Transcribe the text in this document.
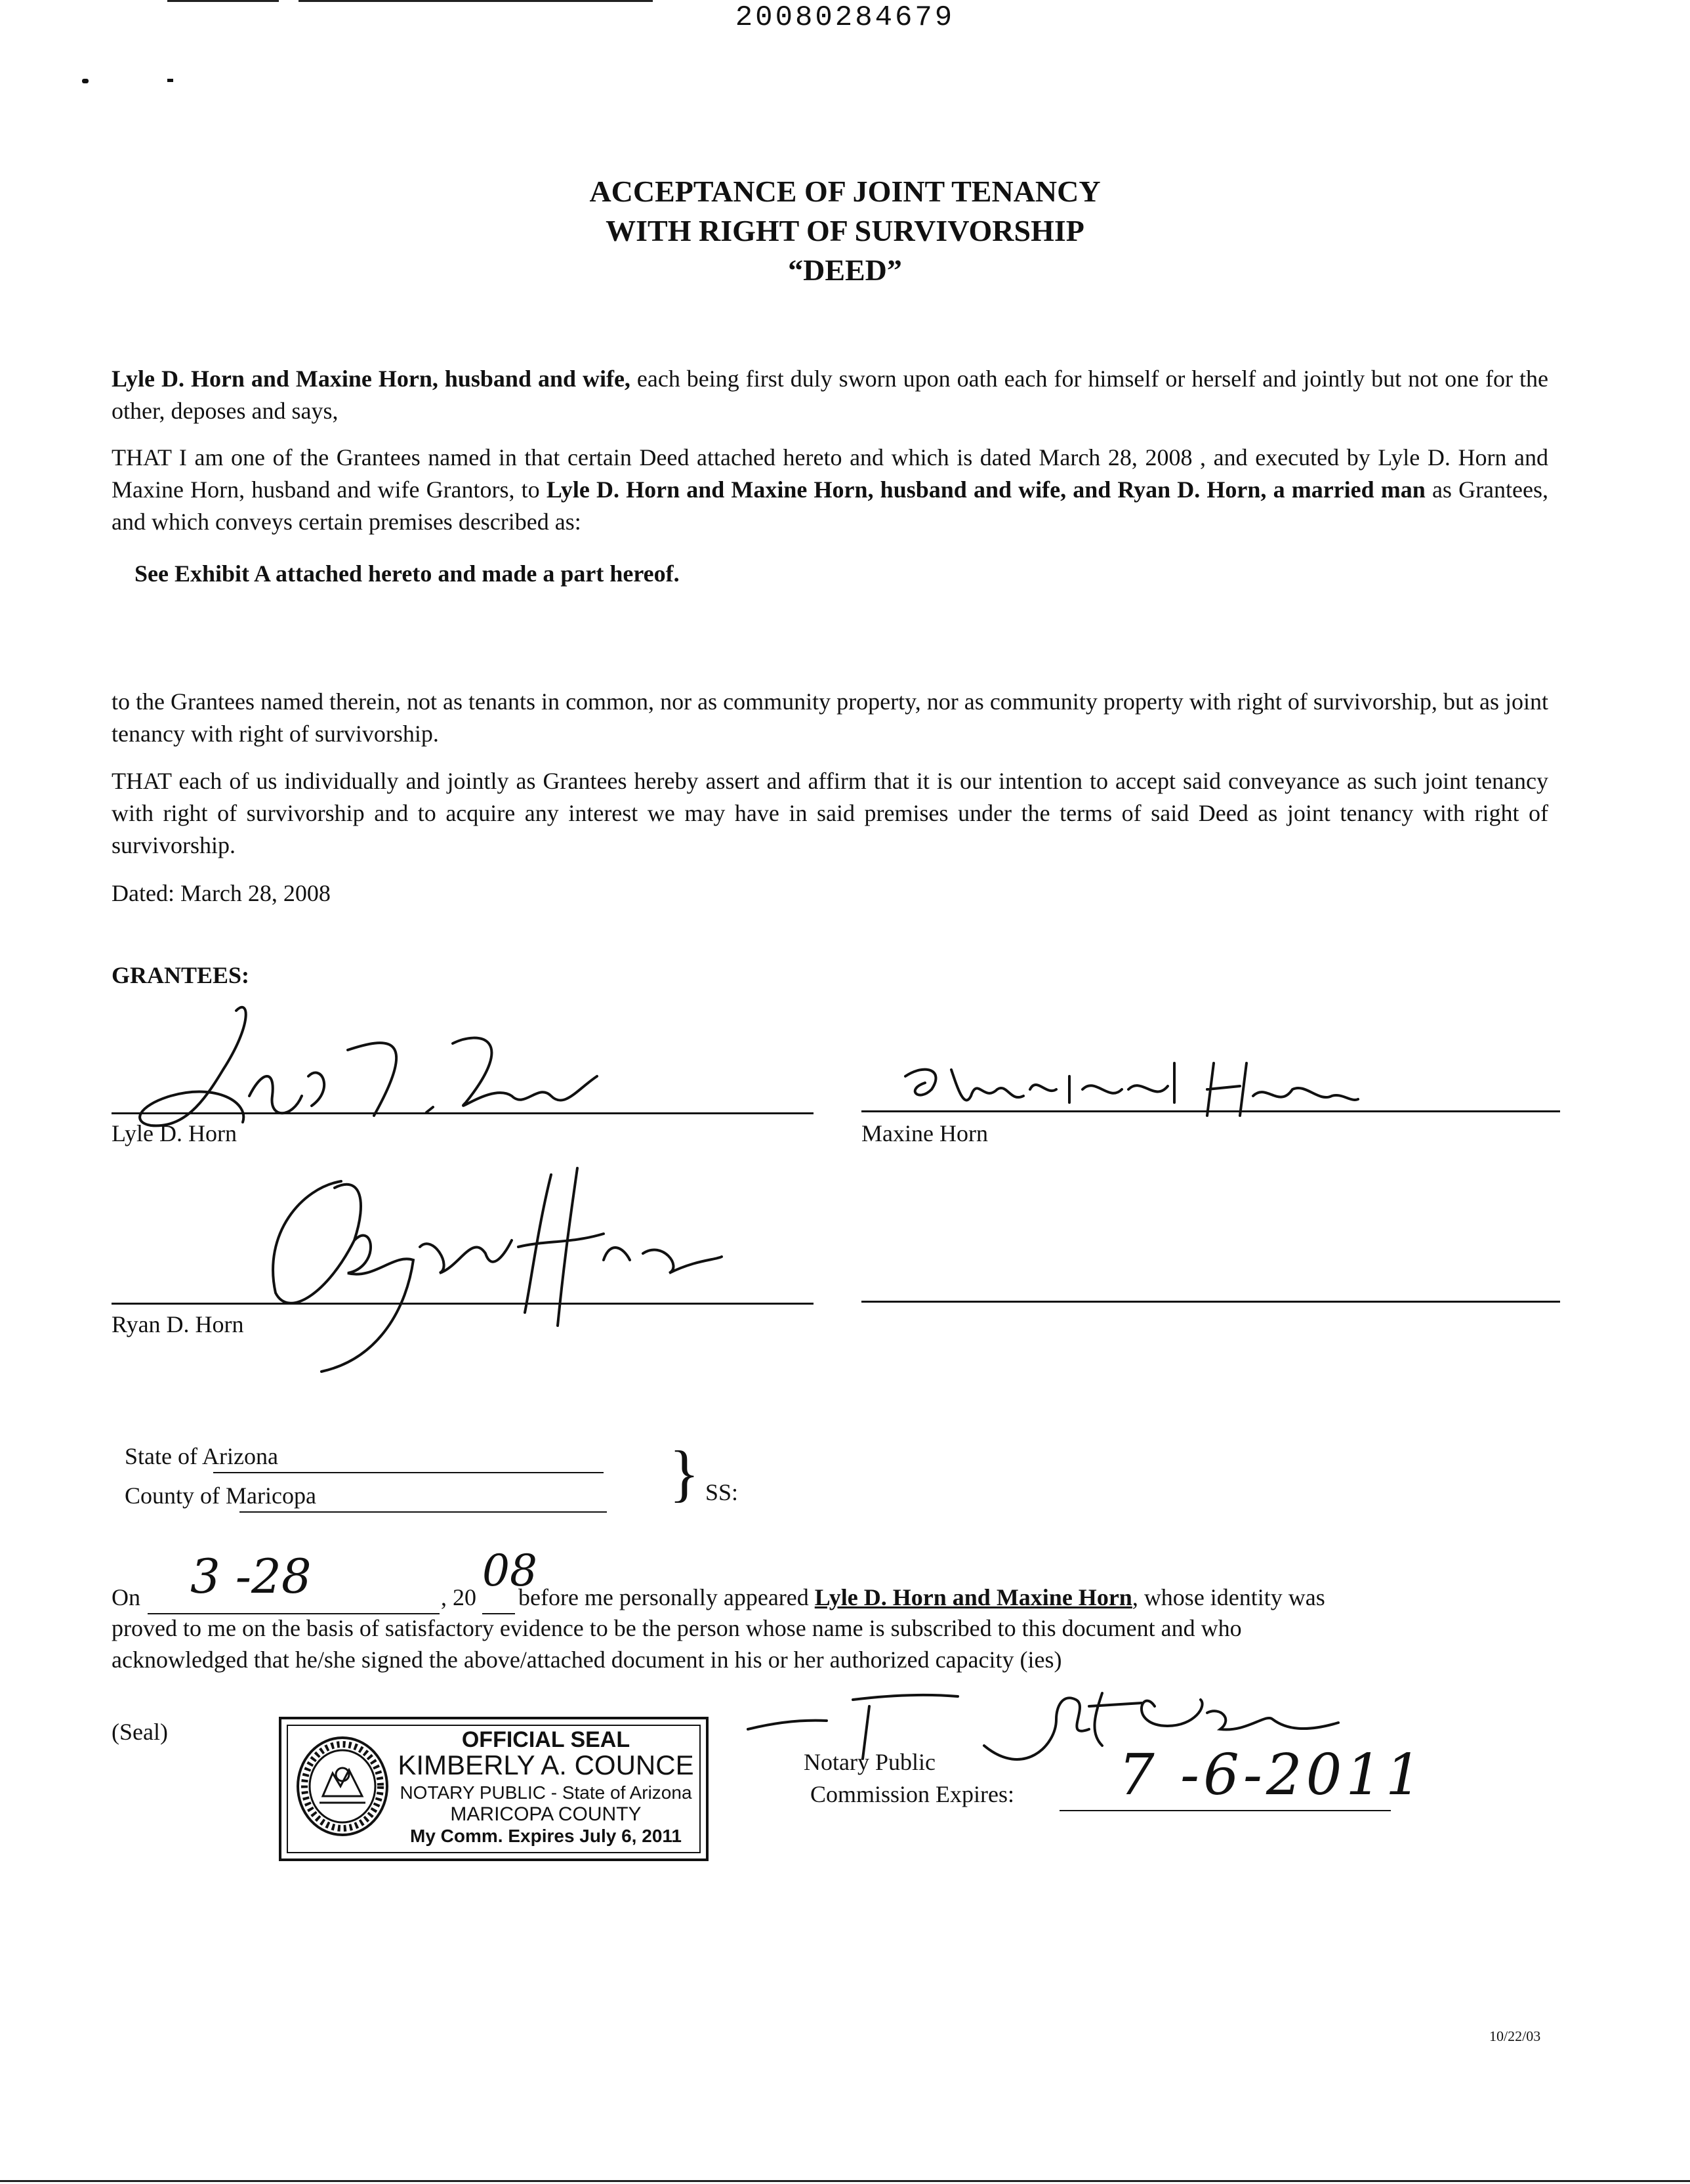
20080284679
ACCEPTANCE OF JOINT TENANCY
WITH RIGHT OF SURVIVORSHIP
“DEED”
Lyle D. Horn and Maxine Horn, husband and wife, each being first duly sworn upon oath each for himself or herself and jointly but not one for the other, deposes and says,
THAT I am one of the Grantees named in that certain Deed attached hereto and which is dated March 28, 2008 , and executed by Lyle D. Horn and Maxine Horn, husband and wife Grantors, to Lyle D. Horn and Maxine Horn, husband and wife, and Ryan D. Horn, a married man as Grantees, and which conveys certain premises described as:
See Exhibit A attached hereto and made a part hereof.
to the Grantees named therein, not as tenants in common, nor as community property, nor as community property with right of survivorship, but as joint tenancy with right of survivorship.
THAT each of us individually and jointly as Grantees hereby assert and affirm that it is our intention to accept said conveyance as such joint tenancy with right of survivorship and to acquire any interest we may have in said premises under the terms of said Deed as joint tenancy with right of survivorship.
Dated: March 28, 2008
GRANTEES:
Lyle D. Horn	Maxine Horn
Ryan D. Horn
State of Arizona
County of Maricopa	} SS:
On 3 -28	, 20
08
before me personally appeared Lyle D. Horn and Maxine Horn, whose identity was
proved to me on the basis of satisfactory evidence to be the person whose name is subscribed to this document and who
acknowledged that he/she signed the above/attached document in his or her authorized capacity (ies)
(Seal)	OFFICIAL SEAL
KIMBERLY A. COUNCE
NOTARY PUBLIC - State of Arizona
MARICOPA COUNTY
My Comm. Expires July 6, 2011
Notary Public
Commission Expires: 7 -6-2011
10/22/03
